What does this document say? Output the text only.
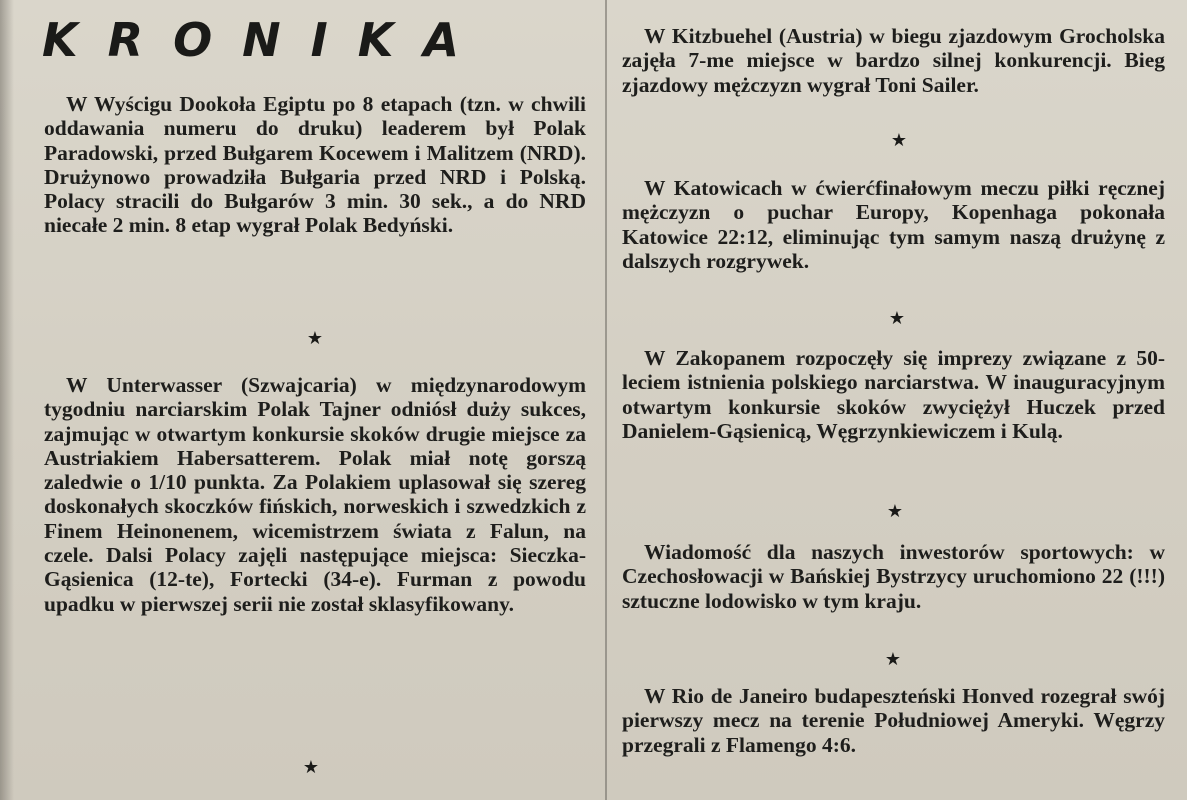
KRONIKA

W Wyścigu Dookoła Egiptu po 8 etapach (tzn. w chwili oddawania numeru do druku) leaderem był Polak Paradowski, przed Bułgarem Kocewem i Malitzem (NRD). Drużynowo prowadziła Bułgaria przed NRD i Polską. Polacy stracili do Bułgarów 3 min. 30 sek., a do NRD niecałe 2 min. 8 etap wygrał Polak Bedyński.

★

W Unterwasser (Szwajcaria) w międzynarodowym tygodniu narciarskim Polak Tajner odniósł duży sukces, zajmując w otwartym konkursie skoków drugie miejsce za Austriakiem Habersatterem. Polak miał notę gorszą zaledwie o 1/10 punkta. Za Polakiem uplasował się szereg doskonałych skoczków fińskich, norweskich i szwedzkich z Finem Heinonenem, wicemistrzem świata z Falun, na czele. Dalsi Polacy zajęli następujące miejsca: Sieczka-Gąsienica (12-te), Fortecki (34-e). Furman z powodu upadku w pierwszej serii nie został sklasyfikowany.

★

W Kitzbuehel (Austria) w biegu zjazdowym Grocholska zajęła 7-me miejsce w bardzo silnej konkurencji. Bieg zjazdowy mężczyzn wygrał Toni Sailer.

★

W Katowicach w ćwierćfinałowym meczu piłki ręcznej mężczyzn o puchar Europy, Kopenhaga pokonała Katowice 22:12, eliminując tym samym naszą drużynę z dalszych rozgrywek.

★

W Zakopanem rozpoczęły się imprezy związane z 50-leciem istnienia polskiego narciarstwa. W inauguracyjnym otwartym konkursie skoków zwyciężył Huczek przed Danielem-Gąsienicą, Węgrzynkiewiczem i Kulą.

★

Wiadomość dla naszych inwestorów sportowych: w Czechosłowacji w Bańskiej Bystrzycy uruchomiono 22 (!!!) sztuczne lodowisko w tym kraju.

★

W Rio de Janeiro budapeszteński Honved rozegrał swój pierwszy mecz na terenie Południowej Ameryki. Węgrzy przegrali z Flamengo 4:6.
